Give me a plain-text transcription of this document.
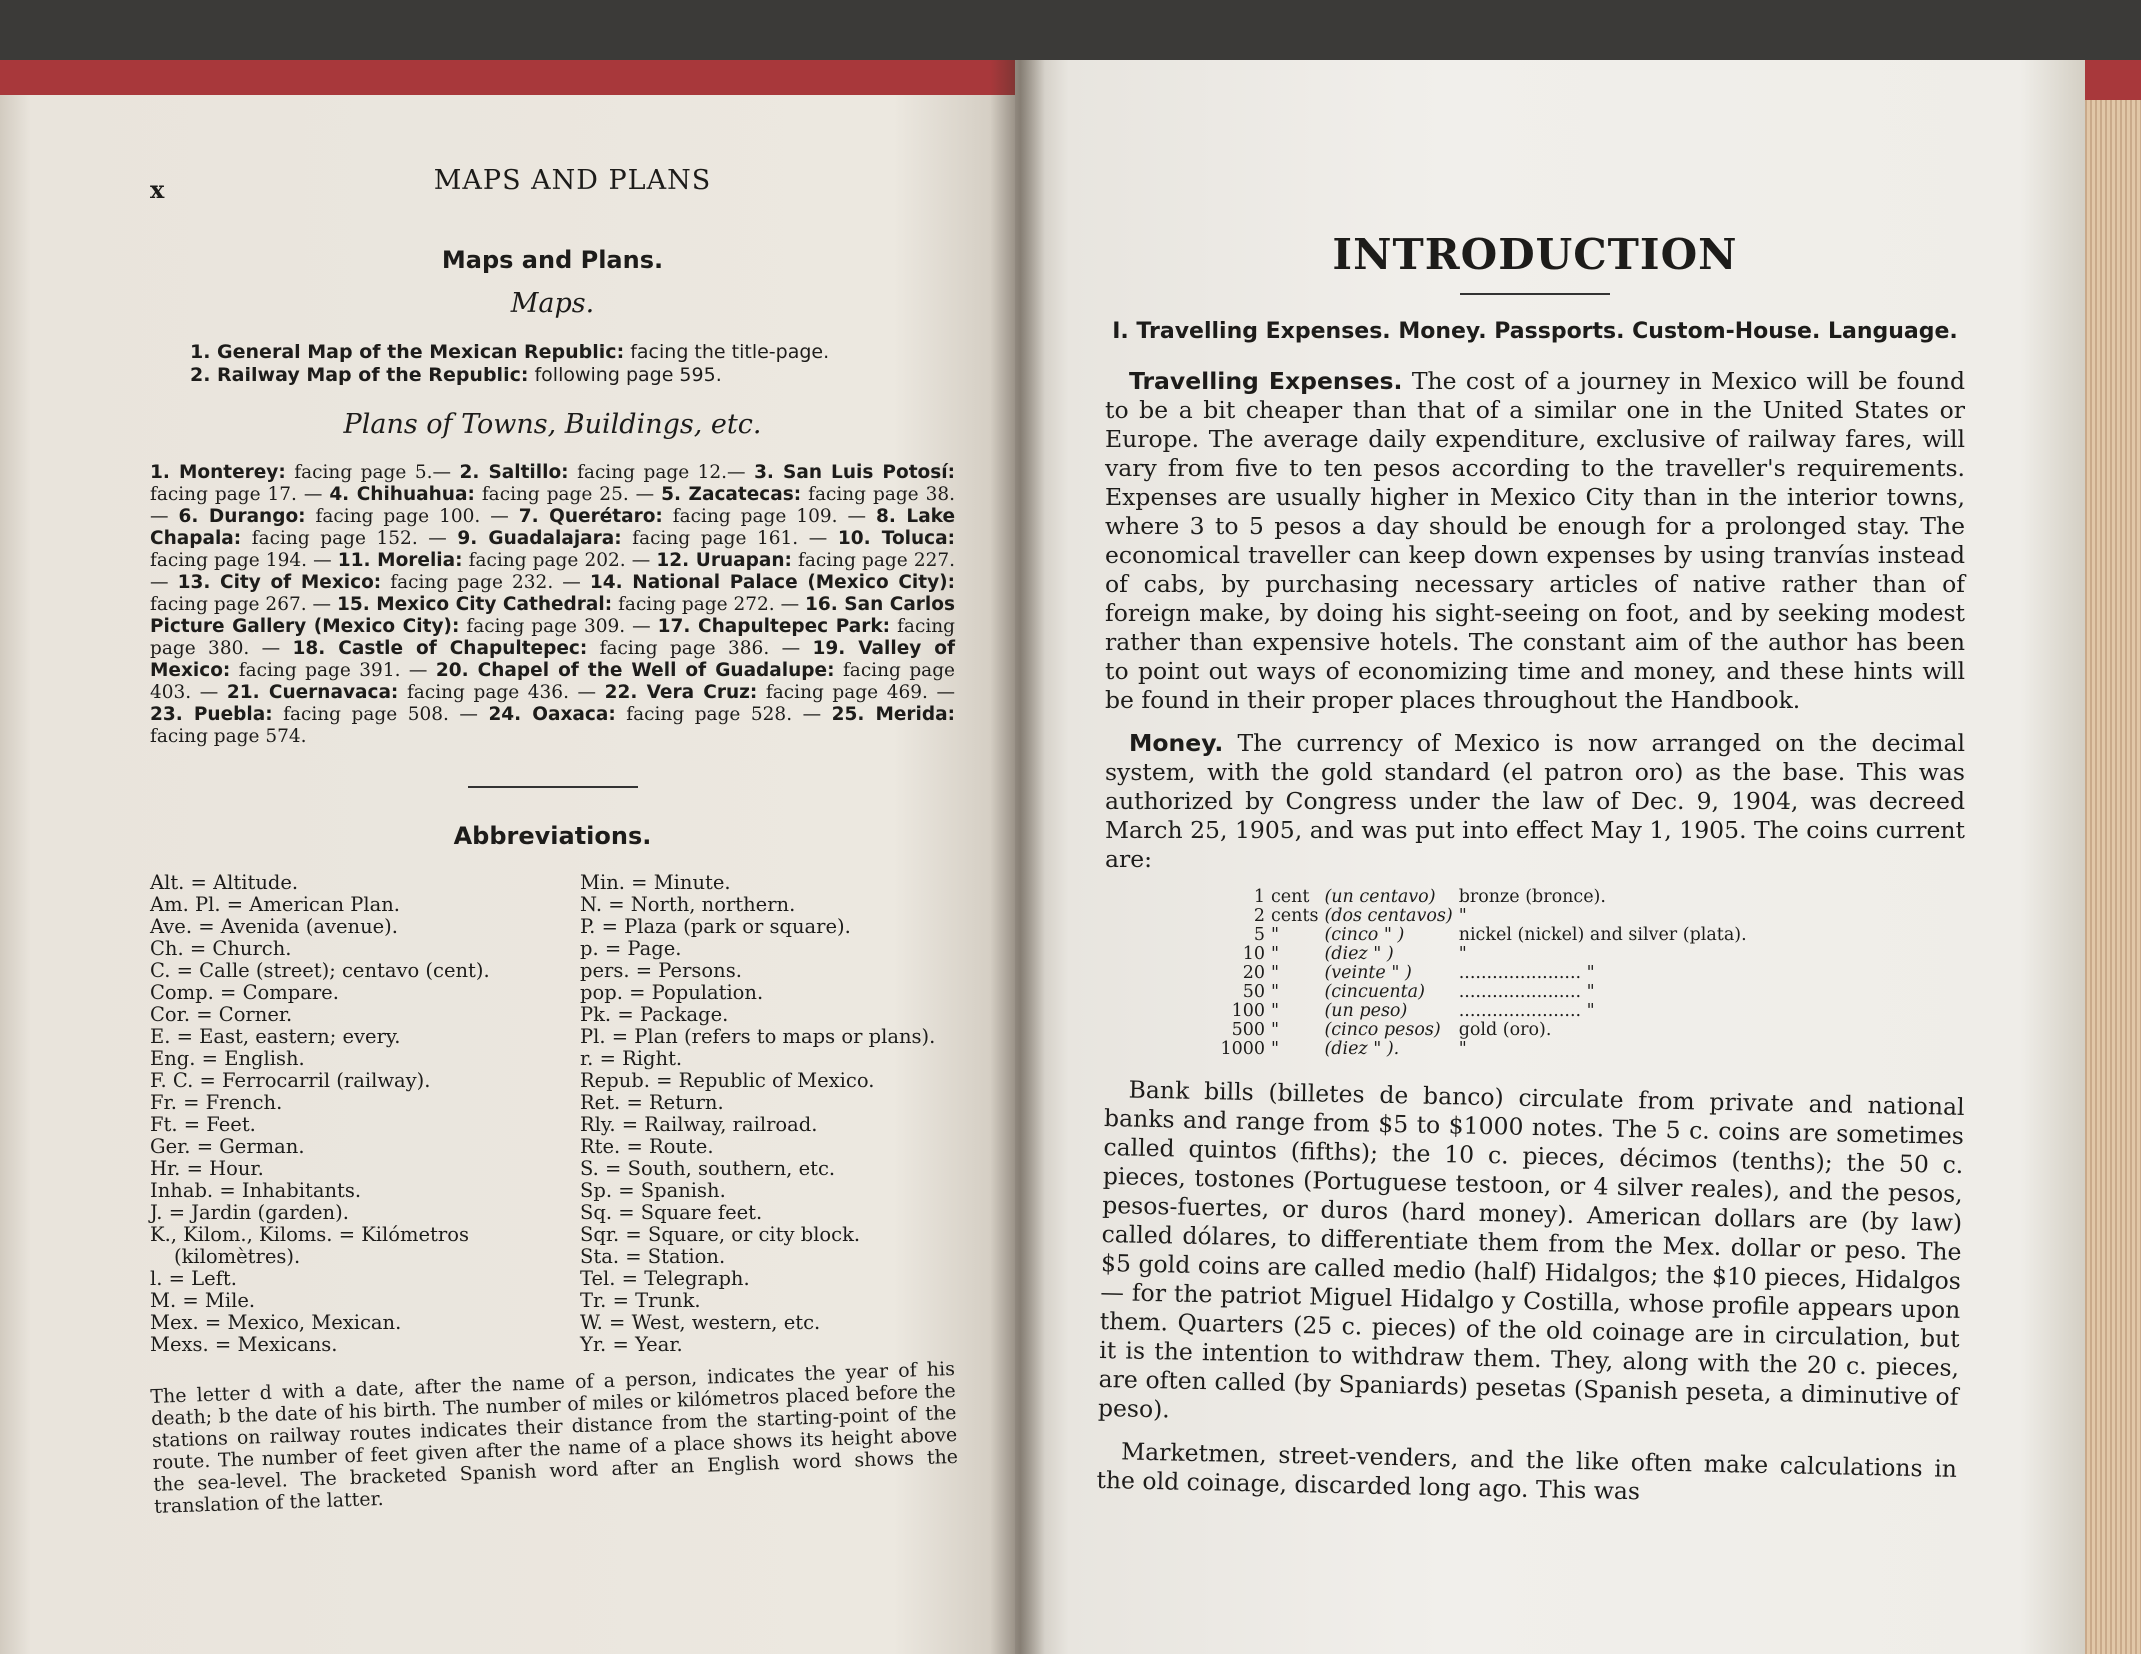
MAPS AND PLANS
Maps and Plans.
Maps.
1. General Map of the Mexican Republic: facing the title-page.
2. Railway Map of the Republic: following page 595.
Plans of Towns, Buildings, etc.
1. Monterey: facing page 5.— 2. Saltillo: facing page 12.— 3. San Luis Potosí: facing page 17. — 4. Chihuahua: facing page 25. — 5. Zacatecas: facing page 38. — 6. Durango: facing page 100. — 7. Querétaro: facing page 109. — 8. Lake Chapala: facing page 152. — 9. Guadalajara: facing page 161. — 10. Toluca: facing page 194. — 11. Morelia: facing page 202. — 12. Uruapan: facing page 227. — 13. City of Mexico: facing page 232. — 14. National Palace (Mexico City): facing page 267. — 15. Mexico City Cathedral: facing page 272. — 16. San Carlos Picture Gallery (Mexico City): facing page 309. — 17. Chapultepec Park: facing page 380. — 18. Castle of Chapultepec: facing page 386. — 19. Valley of Mexico: facing page 391. — 20. Chapel of the Well of Guadalupe: facing page 403. — 21. Cuernavaca: facing page 436. — 22. Vera Cruz: facing page 469. — 23. Puebla: facing page 508. — 24. Oaxaca: facing page 528. — 25. Merida: facing page 574.
Abbreviations.
Alt. = Altitude.
Am. Pl. = American Plan.
Ave. = Avenida (avenue).
Ch. = Church.
C. = Calle (street); centavo (cent).
Comp. = Compare.
Cor. = Corner.
E. = East, eastern; every.
Eng. = English.
F. C. = Ferrocarril (railway).
Fr. = French.
Ft. = Feet.
Ger. = German.
Hr. = Hour.
Inhab. = Inhabitants.
J. = Jardin (garden).
K., Kilom., Kiloms. = Kilómetros
(kilomètres).
l. = Left.
M. = Mile.
Mex. = Mexico, Mexican.
Mexs. = Mexicans.
Min. = Minute.
N. = North, northern.
P. = Plaza (park or square).
p. = Page.
pers. = Persons.
pop. = Population.
Pk. = Package.
Pl. = Plan (refers to maps or plans).
r. = Right.
Repub. = Republic of Mexico.
Ret. = Return.
Rly. = Railway, railroad.
Rte. = Route.
S. = South, southern, etc.
Sp. = Spanish.
Sq. = Square feet.
Sqr. = Square, or city block.
Sta. = Station.
Tel. = Telegraph.
Tr. = Trunk.
W. = West, western, etc.
Yr. = Year.
The letter d with a date, after the name of a person, indicates the year of his death; b the date of his birth. The number of miles or kilómetros placed before the stations on railway routes indicates their distance from the starting-point of the route. The number of feet given after the name of a place shows its height above the sea-level. The bracketed Spanish word after an English word shows the translation of the latter.
x
INTRODUCTION
I. Travelling Expenses. Money. Passports. Custom-House. Language.

Travelling Expenses. The cost of a journey in Mexico will be found to be a bit cheaper than that of a similar one in the United States or Europe. The average daily expenditure, exclusive of railway fares, will vary from five to ten pesos according to the traveller's requirements. Expenses are usually higher in Mexico City than in the interior towns, where 3 to 5 pesos a day should be enough for a prolonged stay. The economical traveller can keep down expenses by using tranvías instead of cabs, by purchasing necessary articles of native rather than of foreign make, by doing his sight-seeing on foot, and by seeking modest rather than expensive hotels. The constant aim of the author has been to point out ways of economizing time and money, and these hints will be found in their proper places throughout the Handbook.

Money. The currency of Mexico is now arranged on the decimal system, with the gold standard (el patron oro) as the base. This was authorized by Congress under the law of Dec. 9, 1904, was decreed March 25, 1905, and was put into effect May 1, 1905. The coins current are:

1	cent	(un centavo)	bronze (bronce).
2	cents	(dos centavos)	"
5	"	(cinco " )	nickel (nickel) and silver (plata).
10	"	(diez " )	"
20	"	(veinte " )	...................... "
50	"	(cincuenta)	...................... "
100	"	(un peso)	...................... "
500	"	(cinco pesos)	gold (oro).
1000	"	(diez " ).	"

Bank bills (billetes de banco) circulate from private and national banks and range from $5 to $1000 notes. The 5 c. coins are sometimes called quintos (fifths); the 10 c. pieces, décimos (tenths); the 50 c. pieces, tostones (Portuguese testoon, or 4 silver reales), and the pesos, pesos-fuertes, or duros (hard money). American dollars are (by law) called dólares, to differentiate them from the Mex. dollar or peso. The $5 gold coins are called medio (half) Hidalgos; the $10 pieces, Hidalgos — for the patriot Miguel Hidalgo y Costilla, whose profile appears upon them. Quarters (25 c. pieces) of the old coinage are in circulation, but it is the intention to withdraw them. They, along with the 20 c. pieces, are often called (by Spaniards) pesetas (Spanish peseta, a diminutive of peso).

Marketmen, street-venders, and the like often make calculations in the old coinage, discarded long ago. This was
